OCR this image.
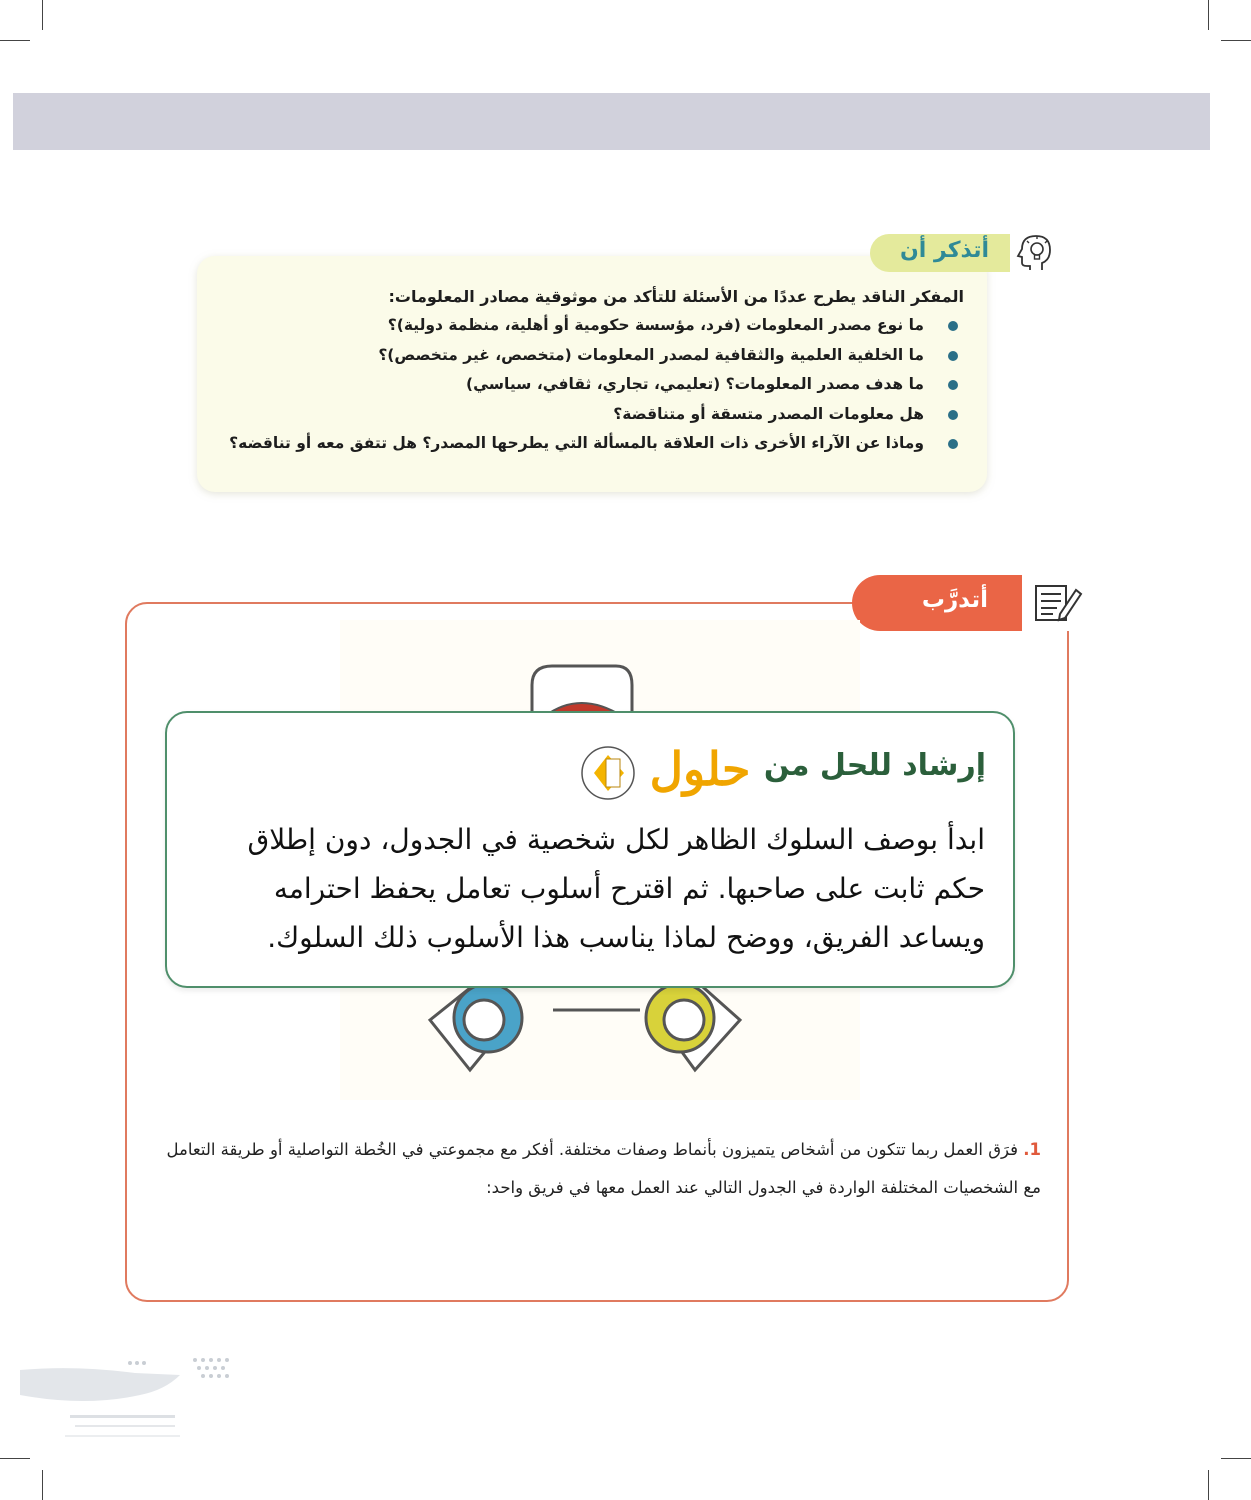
أتذكر أن
المفكر الناقد يطرح عددًا من الأسئلة للتأكد من موثوقية مصادر المعلومات:
ما نوع مصدر المعلومات (فرد، مؤسسة حكومية أو أهلية، منظمة دولية)؟
ما الخلفية العلمية والثقافية لمصدر المعلومات (متخصص، غير متخصص)؟
ما هدف مصدر المعلومات؟ (تعليمي، تجاري، ثقافي، سياسي)
هل معلومات المصدر متسقة أو متناقضة؟
وماذا عن الآراء الأخرى ذات العلاقة بالمسألة التي يطرحها المصدر؟ هل تتفق معه أو تناقضه؟
أتدرَّب
إرشاد للحل من
حلول
ابدأ بوصف السلوك الظاهر لكل شخصية في الجدول، دون إطلاق حكم ثابت على صاحبها. ثم اقترح أسلوب تعامل يحفظ احترامه ويساعد الفريق، ووضح لماذا يناسب هذا الأسلوب ذلك السلوك.
1. فرَق العمل ربما تتكون من أشخاص يتميزون بأنماط وصفات مختلفة. أفكر مع مجموعتي في الخُطة التواصلية أو طريقة التعامل مع الشخصيات المختلفة الواردة في الجدول التالي عند العمل معها في فريق واحد:
